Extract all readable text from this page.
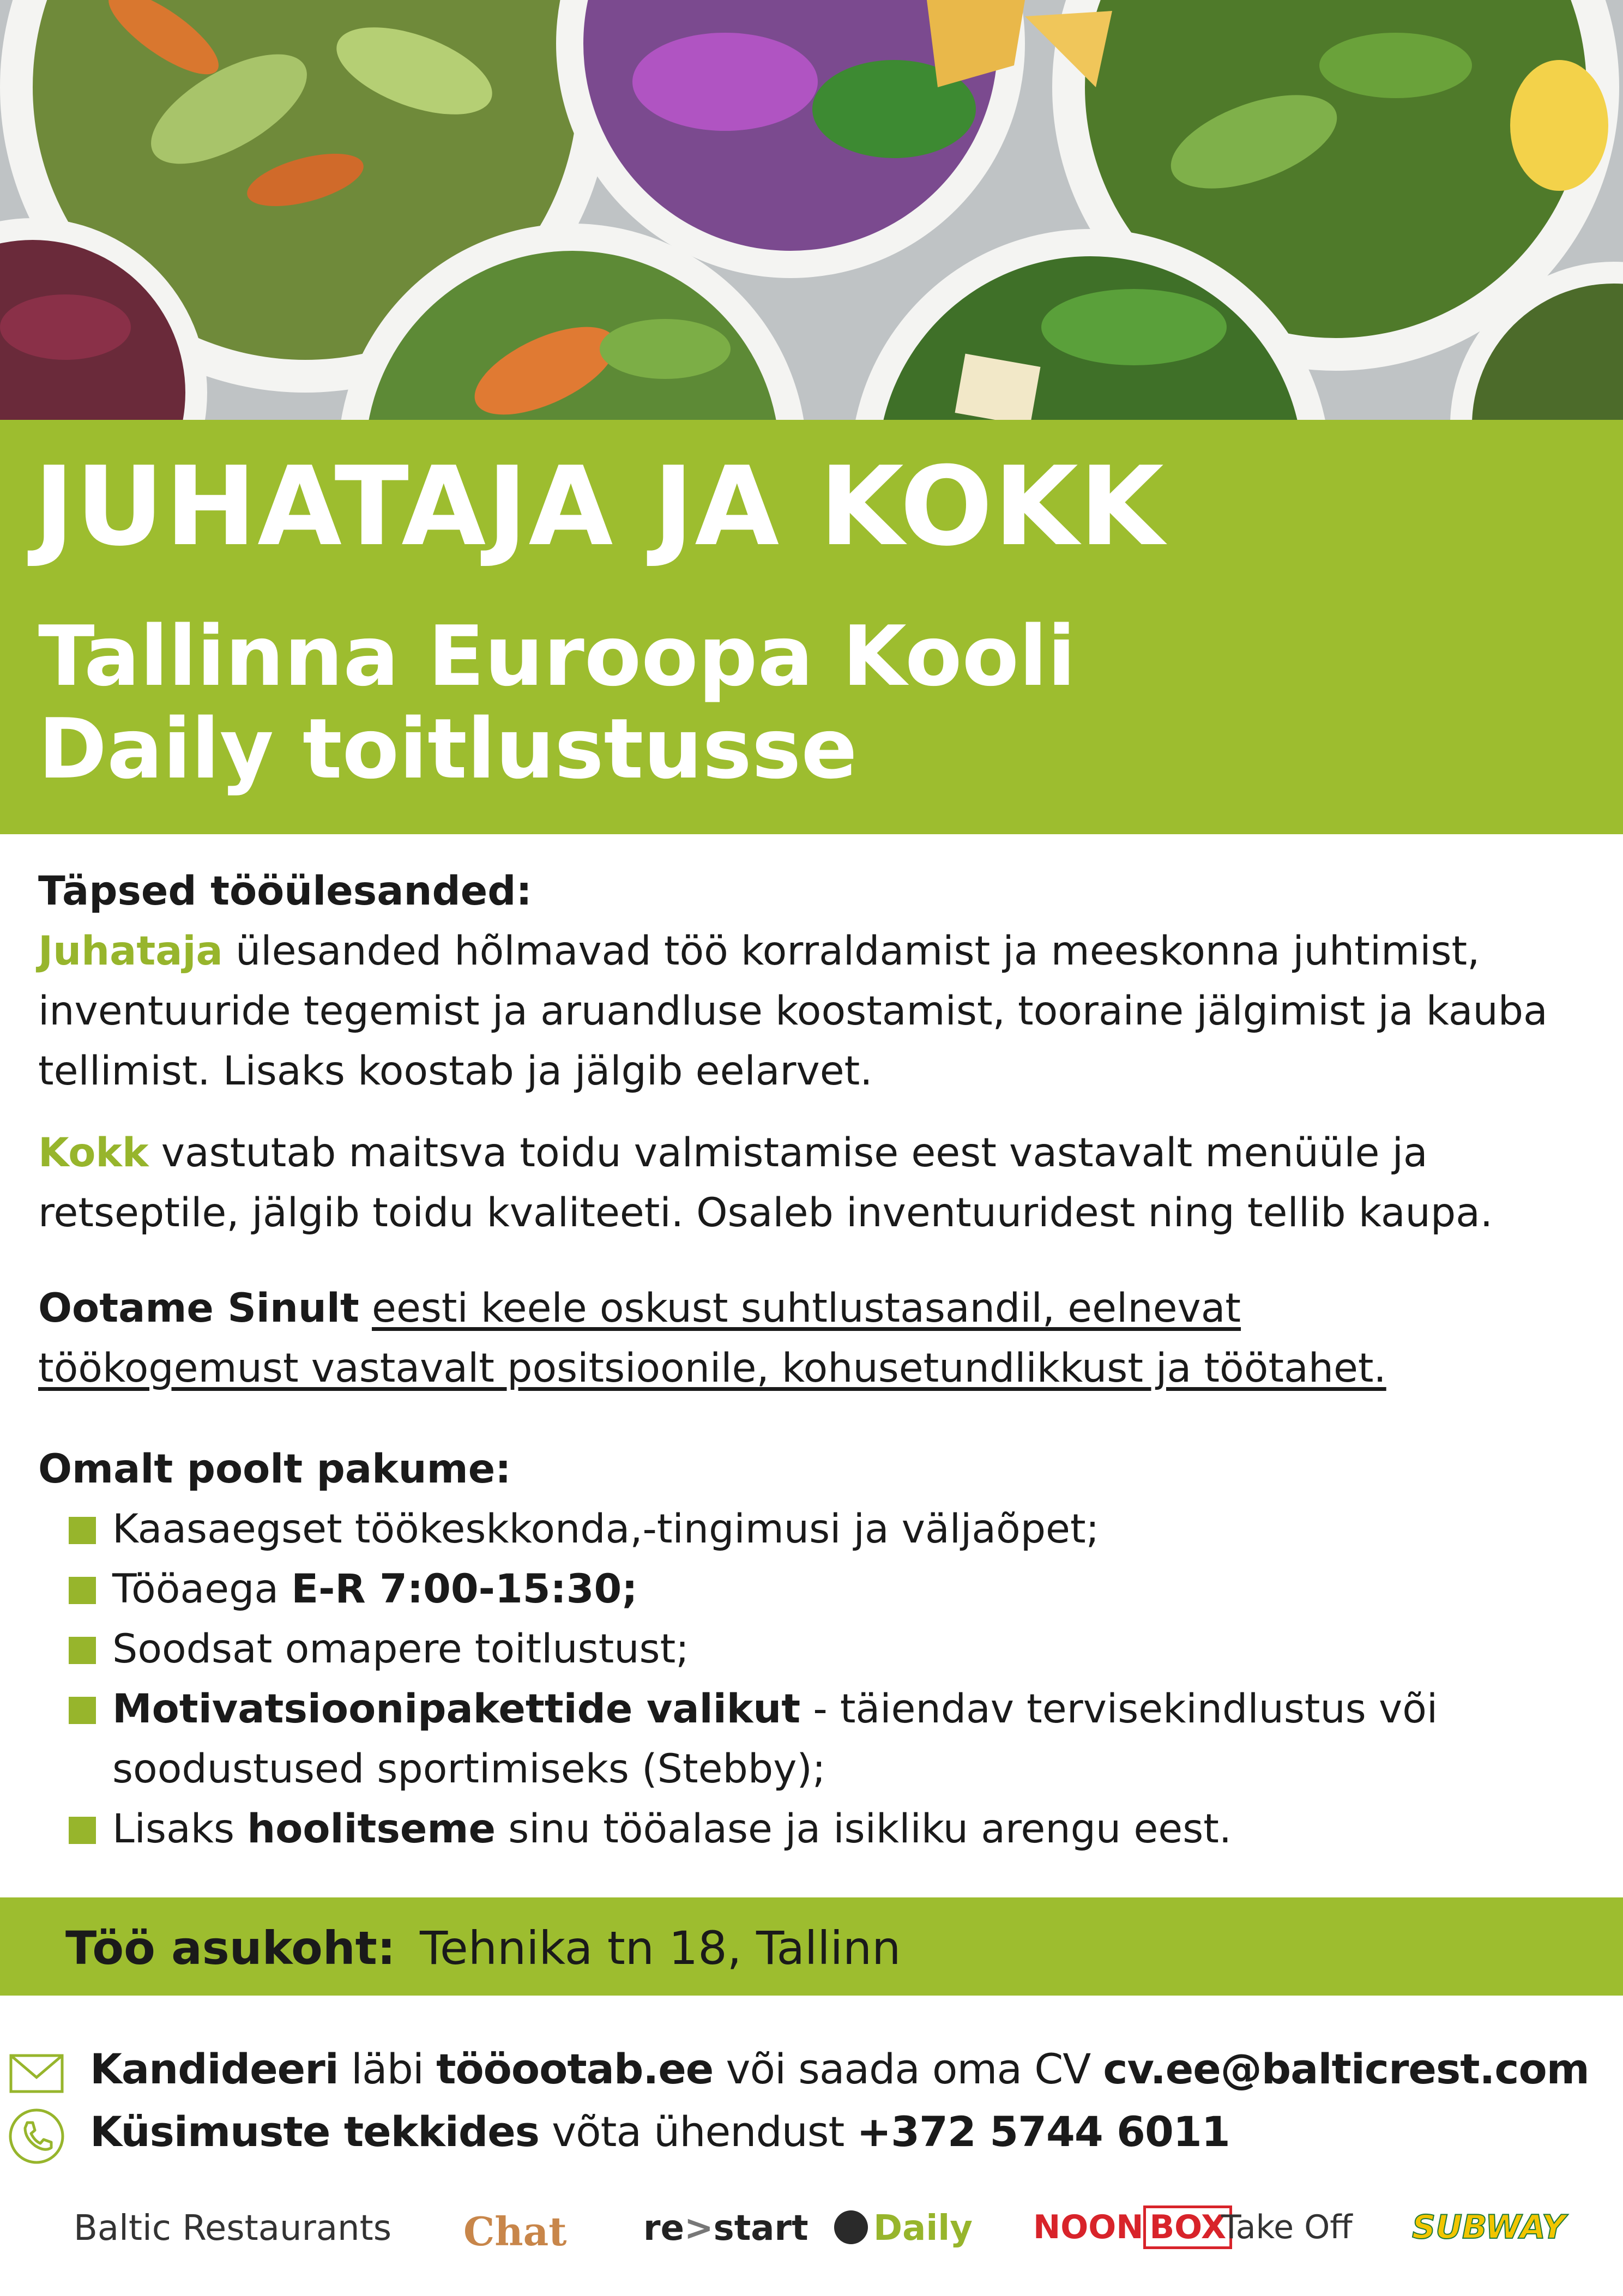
JUHATAJA JA KOKK
Tallinna Euroopa Kooli
Daily toitlustusse
Täpsed tööülesanded:
Juhataja ülesanded hõlmavad töö korraldamist ja meeskonna juhtimist, inventuuride tegemist ja aruandluse koostamist, tooraine jälgimist ja kauba tellimist. Lisaks koostab ja jälgib eelarvet.
Kokk vastutab maitsva toidu valmistamise eest vastavalt menüüle ja retseptile, jälgib toidu kvaliteeti. Osaleb inventuuridest ning tellib kaupa.
Ootame Sinult eesti keele oskust suhtlustasandil, eelnevat töökogemust vastavalt positsioonile, kohusetundlikkust ja töötahet.
Omalt poolt pakume:
Kaasaegset töökeskkonda,-tingimusi ja väljaõpet;
Tööaega E-R 7:00-15:30;
Soodsat omapere toitlustust;
Motivatsioonipakettide valikut - täiendav tervisekindlustus või soodustused sportimiseks (Stebby);
Lisaks hoolitseme sinu tööalase ja isikliku arengu eest.
Töö asukoht: Tehnika tn 18, Tallinn
Kandideeri läbi tööootab.ee või saada oma CV cv.ee@balticrest.com
Küsimuste tekkides võta ühendust +372 5744 6011
Baltic Restaurants Chat re>start	Daily NOON BOX
Take Off SUBWAY
